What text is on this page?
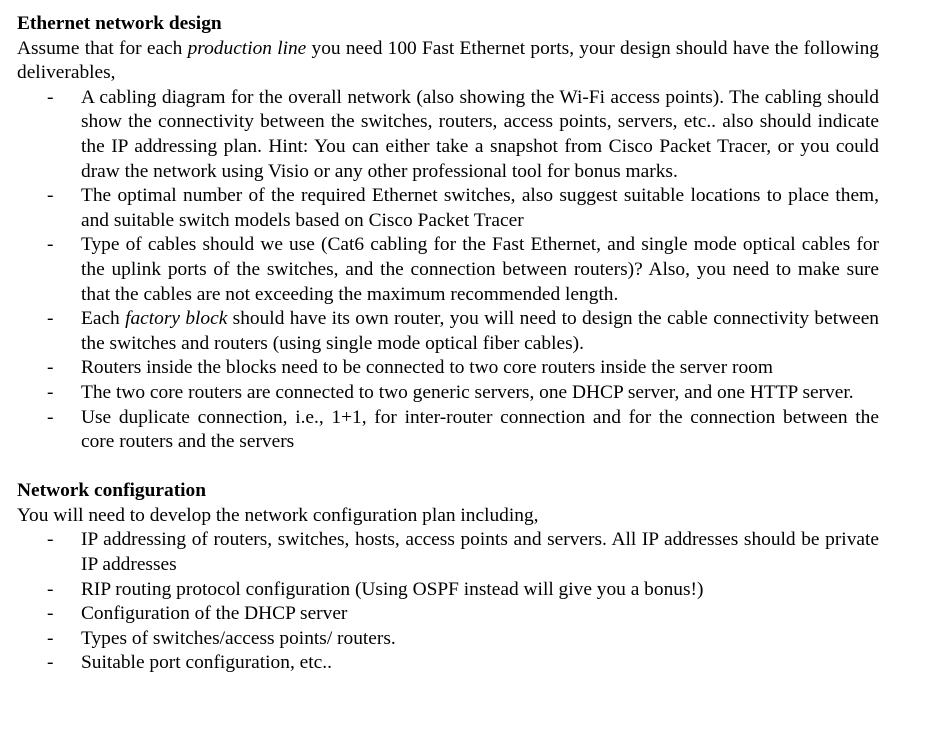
Ethernet network design

Assume that for each production line you need 100 Fast Ethernet ports, your design should have the following deliverables,

- A cabling diagram for the overall network (also showing the Wi-Fi access points). The cabling should show the connectivity between the switches, routers, access points, servers, etc.. also should indicate the IP addressing plan. Hint: You can either take a snapshot from Cisco Packet Tracer, or you could draw the network using Visio or any other professional tool for bonus marks.
- The optimal number of the required Ethernet switches, also suggest suitable locations to place them, and suitable switch models based on Cisco Packet Tracer
- Type of cables should we use (Cat6 cabling for the Fast Ethernet, and single mode optical cables for the uplink ports of the switches, and the connection between routers)? Also, you need to make sure that the cables are not exceeding the maximum recommended length.
- Each factory block should have its own router, you will need to design the cable connectivity between the switches and routers (using single mode optical fiber cables).
- Routers inside the blocks need to be connected to two core routers inside the server room
- The two core routers are connected to two generic servers, one DHCP server, and one HTTP server.
- Use duplicate connection, i.e., 1+1, for inter-router connection and for the connection between the core routers and the servers

Network configuration

You will need to develop the network configuration plan including,

- IP addressing of routers, switches, hosts, access points and servers. All IP addresses should be private IP addresses
- RIP routing protocol configuration (Using OSPF instead will give you a bonus!)
- Configuration of the DHCP server
- Types of switches/access points/ routers.
- Suitable port configuration, etc..
